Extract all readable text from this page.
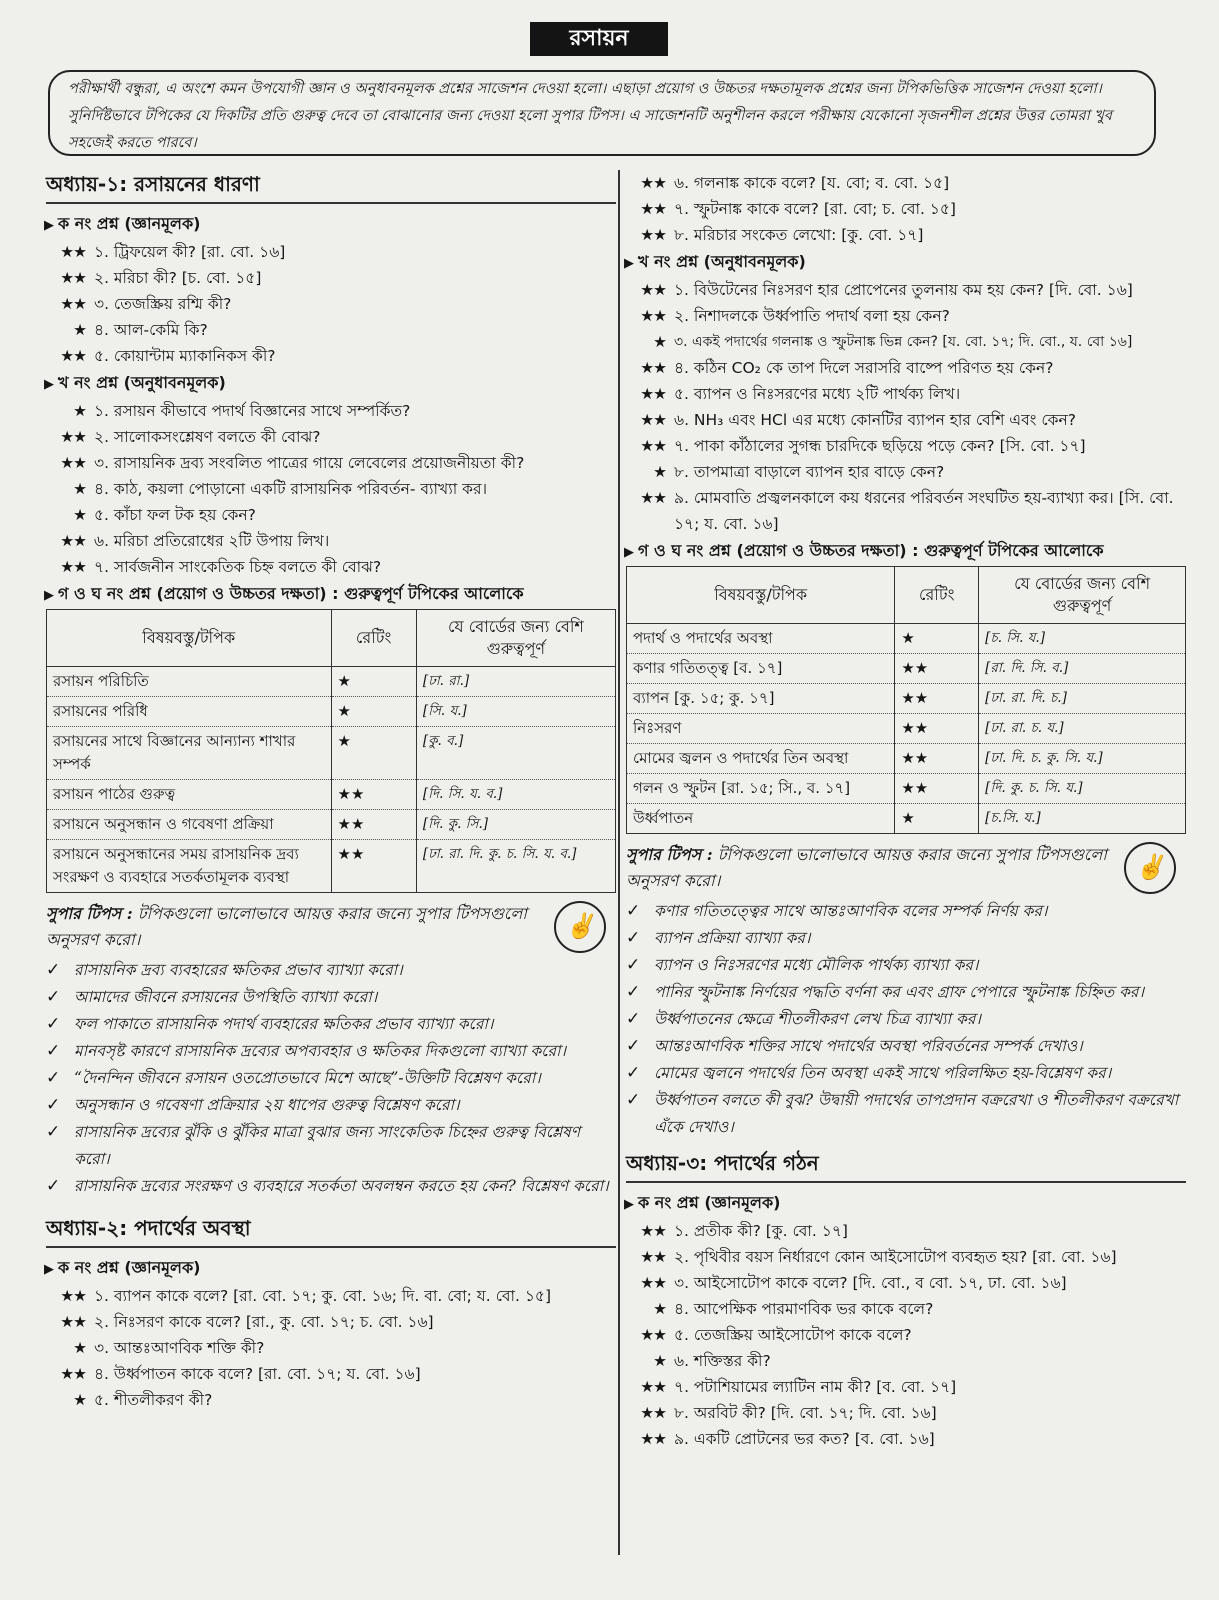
রসায়ন
পরীক্ষার্থী বন্ধুরা, এ অংশে কমন উপযোগী জ্ঞান ও অনুধাবনমূলক প্রশ্নের সাজেশন দেওয়া হলো। এছাড়া প্রয়োগ ও উচ্চতর দক্ষতামূলক প্রশ্নের জন্য টপিকভিত্তিক সাজেশন দেওয়া হলো। সুনির্দিষ্টভাবে টপিকের যে দিকটির প্রতি গুরুত্ব দেবে তা বোঝানোর জন্য দেওয়া হলো সুপার টিপস। এ সাজেশনটি অনুশীলন করলে পরীক্ষায় যেকোনো সৃজনশীল প্রশ্নের উত্তর তোমরা খুব সহজেই করতে পারবে।
অধ্যায়-১: রসায়নের ধারণা
▶ ক নং প্রশ্ন (জ্ঞানমূলক)
★★ ১. ট্রিফয়েল কী? [রা. বো. ১৬]
★★ ২. মরিচা কী? [চ. বো. ১৫]
★★ ৩. তেজস্ক্রিয় রশ্মি কী?
★ ৪. আল-কেমি কি?
★★ ৫. কোয়ান্টাম ম্যাকানিকস কী?
▶ খ নং প্রশ্ন (অনুধাবনমূলক)
★ ১. রসায়ন কীভাবে পদার্থ বিজ্ঞানের সাথে সম্পর্কিত?
★★ ২. সালোকসংশ্লেষণ বলতে কী বোঝ?
★★ ৩. রাসায়নিক দ্রব্য সংবলিত পাত্রের গায়ে লেবেলের প্রয়োজনীয়তা কী?
★ ৪. কাঠ, কয়লা পোড়ানো একটি রাসায়নিক পরিবর্তন- ব্যাখ্যা কর।
★ ৫. কাঁচা ফল টক হয় কেন?
★★ ৬. মরিচা প্রতিরোধের ২টি উপায় লিখ।
★★ ৭. সার্বজনীন সাংকেতিক চিহ্ন বলতে কী বোঝ?
▶ গ ও ঘ নং প্রশ্ন (প্রয়োগ ও উচ্চতর দক্ষতা) : গুরুত্বপূর্ণ টপিকের আলোকে
বিষয়বস্তু/টপিক	রেটিং	যে বোর্ডের জন্য বেশি গুরুত্বপূর্ণ
রসায়ন পরিচিতি	★	[ঢা. রা.]
রসায়নের পরিধি	★	[সি. য.]
রসায়নের সাথে বিজ্ঞানের আন্যান্য শাখার সম্পর্ক	★	[কু. ব.]
রসায়ন পাঠের গুরুত্ব	★★	[দি. সি. য. ব.]
রসায়নে অনুসন্ধান ও গবেষণা প্রক্রিয়া	★★	[দি. কু. সি.]
রসায়নে অনুসন্ধানের সময় রাসায়নিক দ্রব্য সংরক্ষণ ও ব্যবহারে সতর্কতামূলক ব্যবস্থা	★★	[ঢা. রা. দি. কু. চ. সি. য. ব.]
সুপার টিপস : টপিকগুলো ভালোভাবে আয়ত্ত করার জন্যে সুপার টিপসগুলো অনুসরণ করো।	✌
✓ রাসায়নিক দ্রব্য ব্যবহারের ক্ষতিকর প্রভাব ব্যাখ্যা করো।
✓ আমাদের জীবনে রসায়নের উপস্থিতি ব্যাখ্যা করো।
✓ ফল পাকাতে রাসায়নিক পদার্থ ব্যবহারের ক্ষতিকর প্রভাব ব্যাখ্যা করো।
✓ মানবসৃষ্ট কারণে রাসায়নিক দ্রব্যের অপব্যবহার ও ক্ষতিকর দিকগুলো ব্যাখ্যা করো।
✓ “দৈনন্দিন জীবনে রসায়ন ওতপ্রোতভাবে মিশে আছে”-উক্তিটি বিশ্লেষণ করো।
✓ অনুসন্ধান ও গবেষণা প্রক্রিয়ার ২য় ধাপের গুরুত্ব বিশ্লেষণ করো।
✓ রাসায়নিক দ্রব্যের ঝুঁকি ও ঝুঁকির মাত্রা বুঝার জন্য সাংকেতিক চিহ্নের গুরুত্ব বিশ্লেষণ করো।
✓ রাসায়নিক দ্রব্যের সংরক্ষণ ও ব্যবহারে সতর্কতা অবলম্বন করতে হয় কেন? বিশ্লেষণ করো।
অধ্যায়-২: পদার্থের অবস্থা
▶ ক নং প্রশ্ন (জ্ঞানমূলক)
★★ ১. ব্যাপন কাকে বলে? [রা. বো. ১৭; কু. বো. ১৬; দি. বা. বো; য. বো. ১৫]
★★ ২. নিঃসরণ কাকে বলে? [রা., কু. বো. ১৭; চ. বো. ১৬]
★ ৩. আন্তঃআণবিক শক্তি কী?
★★ ৪. উর্ধ্বপাতন কাকে বলে? [রা. বো. ১৭; য. বো. ১৬]
★ ৫. শীতলীকরণ কী?
★★ ৬. গলনাঙ্ক কাকে বলে? [য. বো; ব. বো. ১৫]
★★ ৭. স্ফুটনাঙ্ক কাকে বলে? [রা. বো; চ. বো. ১৫]
★★ ৮. মরিচার সংকেত লেখো: [কু. বো. ১৭]
▶ খ নং প্রশ্ন (অনুধাবনমূলক)
★★ ১. বিউটেনের নিঃসরণ হার প্রোপেনের তুলনায় কম হয় কেন? [দি. বো. ১৬]
★★ ২. নিশাদলকে উর্ধ্বপাতি পদার্থ বলা হয় কেন?
★ ৩. একই পদার্থের গলনাঙ্ক ও স্ফুটনাঙ্ক ভিন্ন কেন? [য. বো. ১৭; দি. বো., য. বো ১৬]
★★ ৪. কঠিন CO₂ কে তাপ দিলে সরাসরি বাষ্পে পরিণত হয় কেন?
★★ ৫. ব্যাপন ও নিঃসরণের মধ্যে ২টি পার্থক্য লিখ।
★★ ৬. NH₃ এবং HCl এর মধ্যে কোনটির ব্যাপন হার বেশি এবং কেন?
★★ ৭. পাকা কাঁঠালের সুগন্ধ চারদিকে ছড়িয়ে পড়ে কেন? [সি. বো. ১৭]
★ ৮. তাপমাত্রা বাড়ালে ব্যাপন হার বাড়ে কেন?
★★ ৯. মোমবাতি প্রজ্বলনকালে কয় ধরনের পরিবর্তন সংঘটিত হয়-ব্যাখ্যা কর। [সি. বো. ১৭; য. বো. ১৬]
▶ গ ও ঘ নং প্রশ্ন (প্রয়োগ ও উচ্চতর দক্ষতা) : গুরুত্বপূর্ণ টপিকের আলোকে
বিষয়বস্তু/টপিক	রেটিং	যে বোর্ডের জন্য বেশি গুরুত্বপূর্ণ
পদার্থ ও পদার্থের অবস্থা	★	[চ. সি. য.]
কণার গতিতত্ত্ব [ব. ১৭]	★★	[রা. দি. সি. ব.]
ব্যাপন [কু. ১৫; কু. ১৭]	★★	[ঢা. রা. দি. চ.]
নিঃসরণ	★★	[ঢা. রা. চ. য.]
মোমের জ্বলন ও পদার্থের তিন অবস্থা	★★	[ঢা. দি. চ. কু. সি. য.]
গলন ও স্ফুটন [রা. ১৫; সি., ব. ১৭]	★★	[দি. কু. চ. সি. য.]
উর্ধ্বপাতন	★	[চ.সি. য.]
সুপার টিপস : টপিকগুলো ভালোভাবে আয়ত্ত করার জন্যে সুপার টিপসগুলো অনুসরণ করো।	✌
✓ কণার গতিতত্ত্বের সাথে আন্তঃআণবিক বলের সম্পর্ক নির্ণয় কর।
✓ ব্যাপন প্রক্রিয়া ব্যাখ্যা কর।
✓ ব্যাপন ও নিঃসরণের মধ্যে মৌলিক পার্থক্য ব্যাখ্যা কর।
✓ পানির স্ফুটনাঙ্ক নির্ণয়ের পদ্ধতি বর্ণনা কর এবং গ্রাফ পেপারে স্ফুটনাঙ্ক চিহ্নিত কর।
✓ উর্ধ্বপাতনের ক্ষেত্রে শীতলীকরণ লেখ চিত্র ব্যাখ্যা কর।
✓ আন্তঃআণবিক শক্তির সাথে পদার্থের অবস্থা পরিবর্তনের সম্পর্ক দেখাও।
✓ মোমের জ্বলনে পদার্থের তিন অবস্থা একই সাথে পরিলক্ষিত হয়-বিশ্লেষণ কর।
✓ উর্ধ্বপাতন বলতে কী বুঝ? উদ্বায়ী পদার্থের তাপপ্রদান বক্ররেখা ও শীতলীকরণ বক্ররেখা এঁকে দেখাও।
অধ্যায়-৩: পদার্থের গঠন
▶ ক নং প্রশ্ন (জ্ঞানমূলক)
★★ ১. প্রতীক কী? [কু. বো. ১৭]
★★ ২. পৃথিবীর বয়স নির্ধারণে কোন আইসোটোপ ব্যবহৃত হয়? [রা. বো. ১৬]
★★ ৩. আইসোটোপ কাকে বলে? [দি. বো., ব বো. ১৭, ঢা. বো. ১৬]
★ ৪. আপেক্ষিক পারমাণবিক ভর কাকে বলে?
★★ ৫. তেজস্ক্রিয় আইসোটোপ কাকে বলে?
★ ৬. শক্তিস্তর কী?
★★ ৭. পটাশিয়ামের ল্যাটিন নাম কী? [ব. বো. ১৭]
★★ ৮. অরবিট কী? [দি. বো. ১৭; দি. বো. ১৬]
★★ ৯. একটি প্রোটনের ভর কত? [ব. বো. ১৬]
